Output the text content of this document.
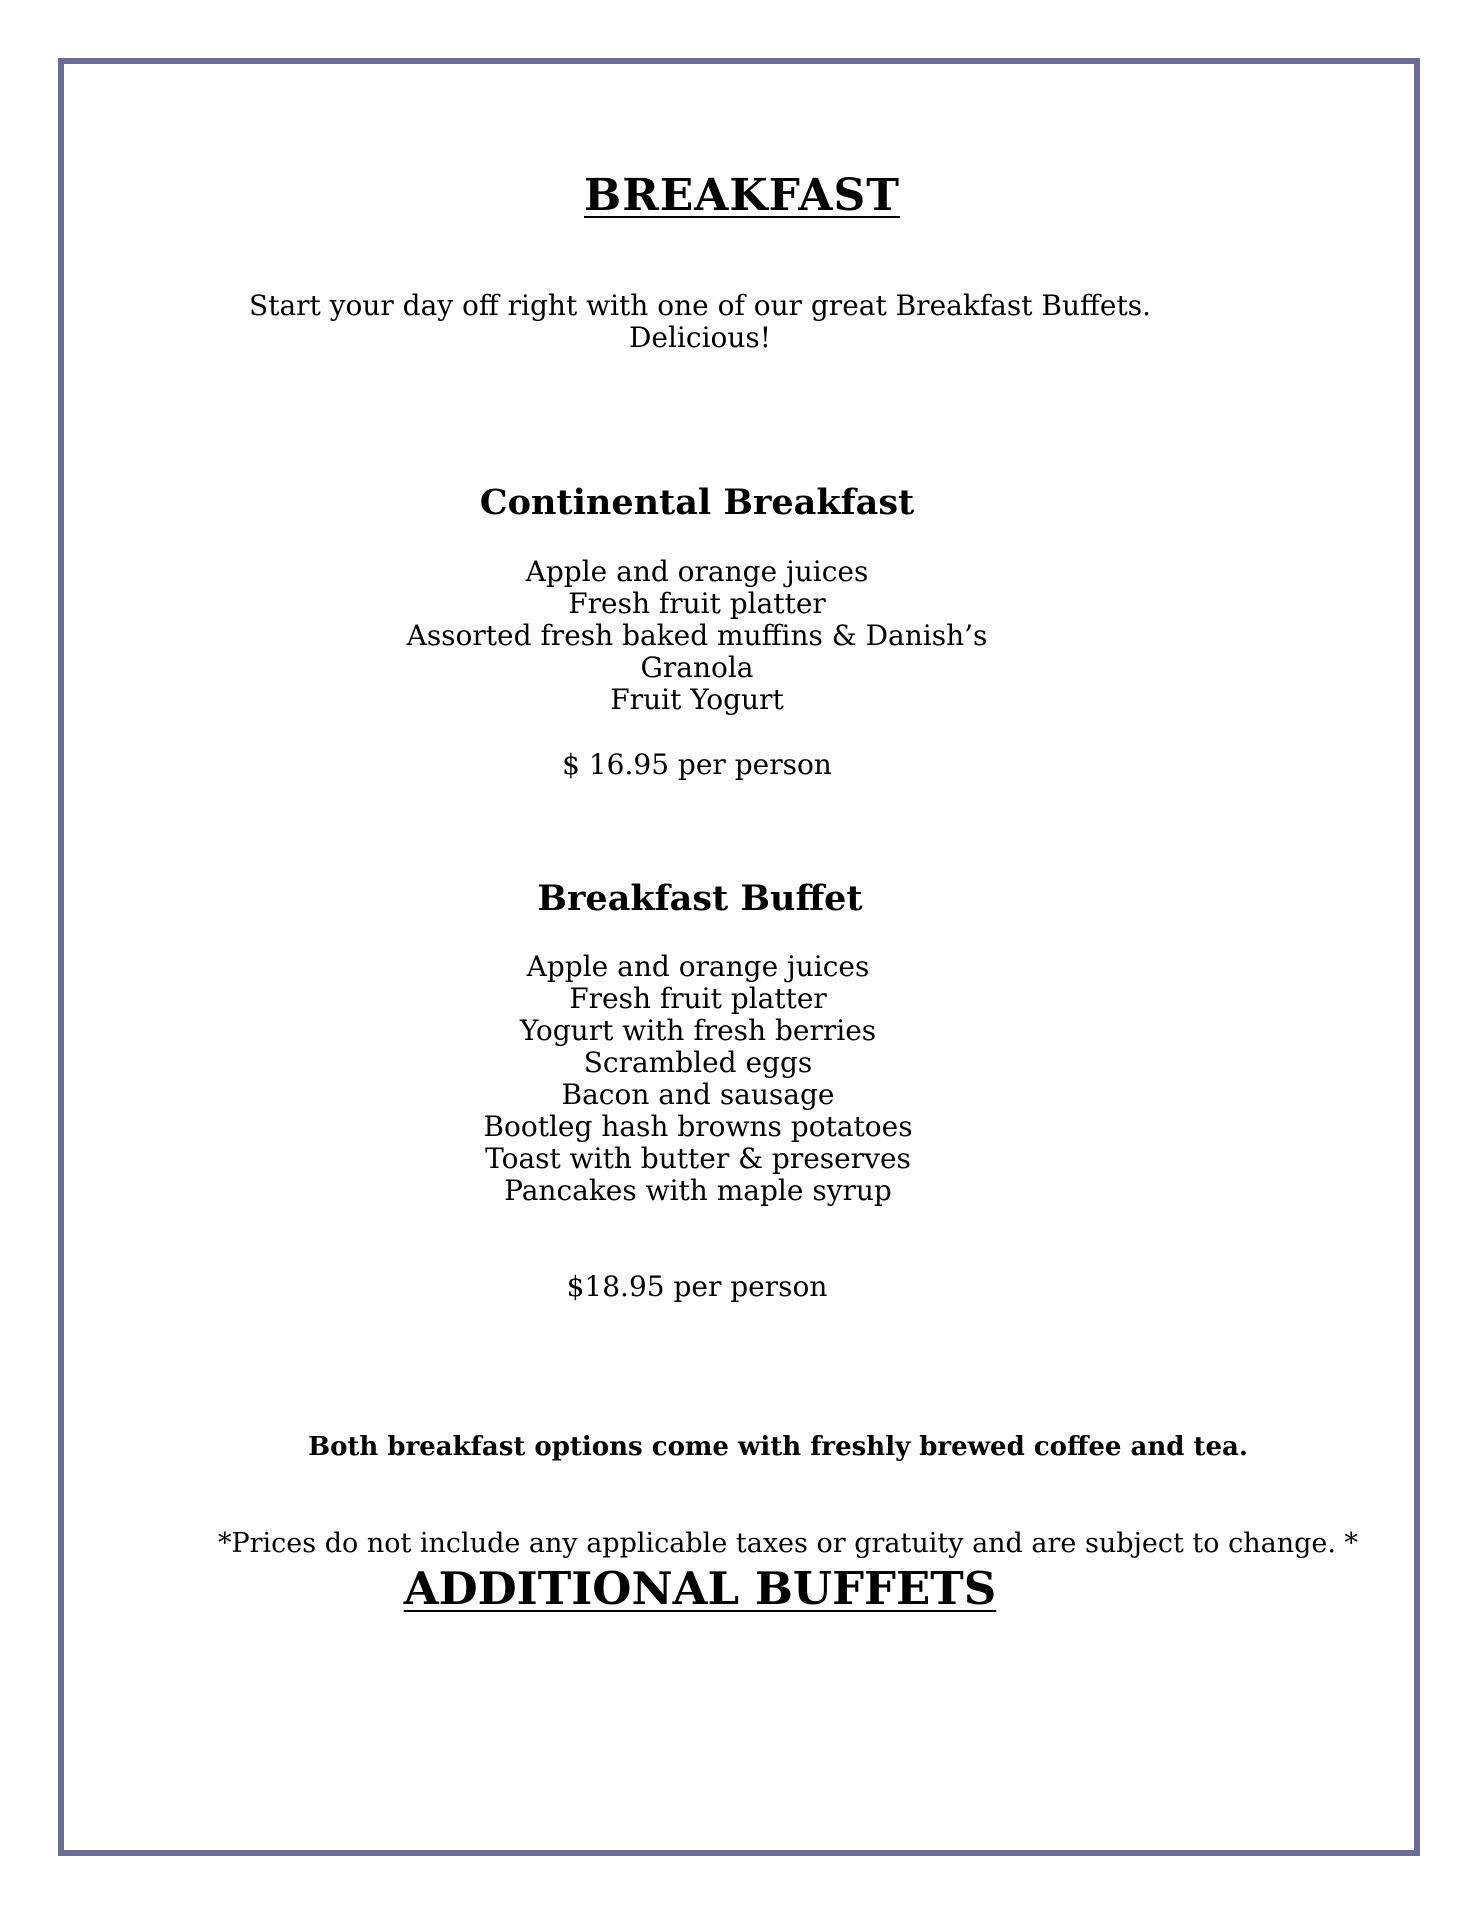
BREAKFAST
Start your day off right with one of our great Breakfast Buffets.
Delicious!
Continental Breakfast
Apple and orange juices
Fresh fruit platter
Assorted fresh baked muffins & Danish’s
Granola
Fruit Yogurt
$ 16.95 per person
Breakfast Buffet
Apple and orange juices
Fresh fruit platter
Yogurt with fresh berries
Scrambled eggs
Bacon and sausage
Bootleg hash browns potatoes
Toast with butter & preserves
Pancakes with maple syrup
$18.95 per person
Both breakfast options come with freshly brewed coffee and tea.
*Prices do not include any applicable taxes or gratuity and are subject to change. *
ADDITIONAL BUFFETS
